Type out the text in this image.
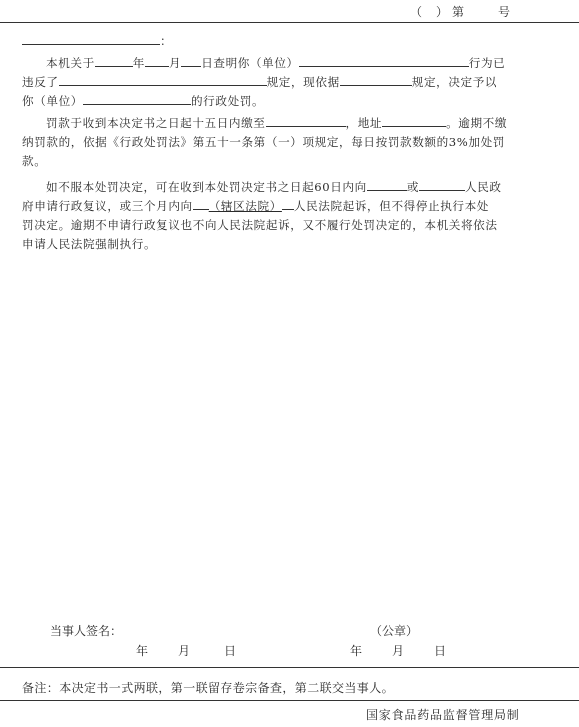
（ ） 第	号
：
本机关于	年 月 日查明你（单位）	行为已
违反了	规定，现依据	规定，决定予以
你（单位）	的行政处罚。
罚款于收到本决定书之日起十五日内缴至	，地址	。逾期不缴
纳罚款的，依据《行政处罚法》第五十一条第（一）项规定，每日按罚款数额的3%加处罚
款。
如不服本处罚决定，可在收到本处罚决定书之日起60日内向	或	人民政
府申请行政复议，或三个月内向 （辖区法院） 人民法院起诉，但不得停止执行本处
罚决定。逾期不申请行政复议也不向人民法院起诉，又不履行处罚决定的，本机关将依法
申请人民法院强制执行。
当事人签名：	（公章）
年	月	日	年	月	日
备注：本决定书一式两联，第一联留存卷宗备查，第二联交当事人。
国家食品药品监督管理局制
